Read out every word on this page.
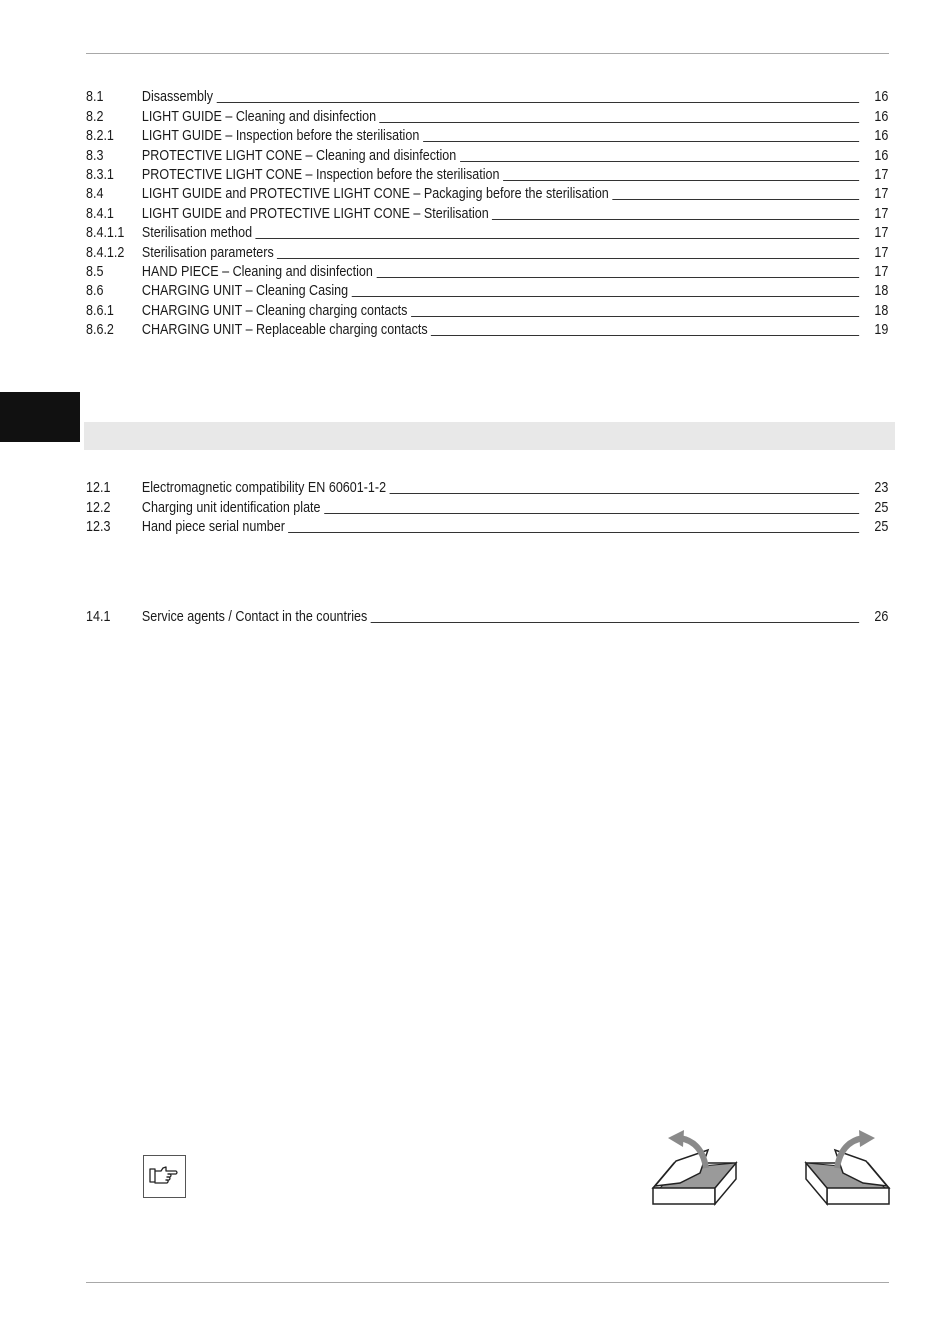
8.1	Disassembly	16
8.2	LIGHT GUIDE – Cleaning and disinfection	16
8.2.1	LIGHT GUIDE – Inspection before the sterilisation	16
8.3	PROTECTIVE LIGHT CONE – Cleaning and disinfection	16
8.3.1	PROTECTIVE LIGHT CONE – Inspection before the sterilisation	17
8.4	LIGHT GUIDE and PROTECTIVE LIGHT CONE – Packaging before the sterilisation	17
8.4.1	LIGHT GUIDE and PROTECTIVE LIGHT CONE – Sterilisation	17
8.4.1.1	Sterilisation method	17
8.4.1.2	Sterilisation parameters	17
8.5	HAND PIECE – Cleaning and disinfection	17
8.6	CHARGING UNIT – Cleaning Casing	18
8.6.1	CHARGING UNIT – Cleaning charging contacts	18
8.6.2	CHARGING UNIT – Replaceable charging contacts	19
12.1	Electromagnetic compatibility EN 60601-1-2	23
12.2	Charging unit identification plate	25
12.3	Hand piece serial number	25
14.1	Service agents / Contact in the countries	26
